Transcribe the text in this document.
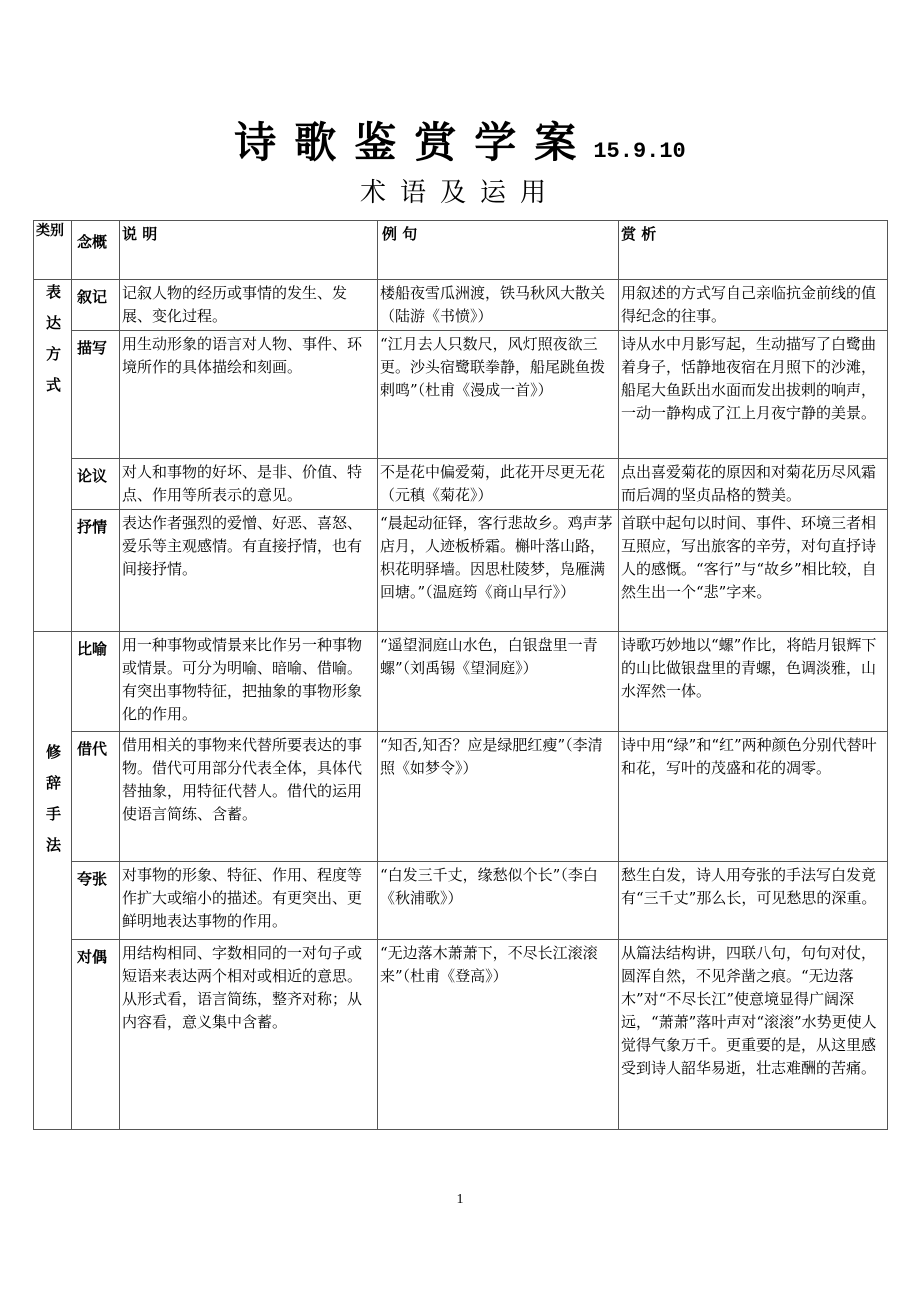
诗歌鉴赏学案 15.9.10
术语及运用
类别	念概	说 明	例 句	赏 析

表达方式	叙记	记叙人物的经历或事情的发生、发展、变化过程。	楼船夜雪瓜洲渡，铁马秋风大散关（陆游《书愤》）	用叙述的方式写自己亲临抗金前线的值得纪念的往事。
	描写	用生动形象的语言对人物、事件、环境所作的具体描绘和刻画。	“江月去人只数尺，风灯照夜欲三更。沙头宿鹭联拳静，船尾跳鱼拨剌鸣”（杜甫《漫成一首》）	诗从水中月影写起，生动描写了白鹭曲着身子，恬静地夜宿在月照下的沙滩，船尾大鱼跃出水面而发出拔剌的响声，一动一静构成了江上月夜宁静的美景。
	论议	对人和事物的好坏、是非、价值、特点、作用等所表示的意见。	不是花中偏爱菊，此花开尽更无花（元稹《菊花》）	点出喜爱菊花的原因和对菊花历尽风霜而后凋的坚贞品格的赞美。
	抒情	表达作者强烈的爱憎、好恶、喜怒、爱乐等主观感情。有直接抒情，也有间接抒情。	“晨起动征铎，客行悲故乡。鸡声茅店月，人迹板桥霜。槲叶落山路，枳花明驿墙。因思杜陵梦，凫雁满回塘。”（温庭筠《商山早行》）	首联中起句以时间、事件、环境三者相互照应，写出旅客的辛劳，对句直抒诗人的感慨。“客行”与“故乡”相比较，自然生出一个“悲”字来。

修辞手法	比喻	用一种事物或情景来比作另一种事物或情景。可分为明喻、暗喻、借喻。有突出事物特征，把抽象的事物形象化的作用。	“遥望洞庭山水色，白银盘里一青螺”（刘禹锡《望洞庭》）	诗歌巧妙地以“螺”作比，将皓月银辉下的山比做银盘里的青螺，色调淡雅，山水浑然一体。
	借代	借用相关的事物来代替所要表达的事物。借代可用部分代表全体，具体代替抽象，用特征代替人。借代的运用使语言简练、含蓄。	“知否,知否？应是绿肥红瘦”（李清照《如梦令》）	诗中用“绿”和“红”两种颜色分别代替叶和花，写叶的茂盛和花的凋零。
	夸张	对事物的形象、特征、作用、程度等作扩大或缩小的描述。有更突出、更鲜明地表达事物的作用。	“白发三千丈，缘愁似个长”（李白《秋浦歌》）	愁生白发，诗人用夸张的手法写白发竟有“三千丈”那么长，可见愁思的深重。
	对偶	用结构相同、字数相同的一对句子或短语来表达两个相对或相近的意思。从形式看，语言简练，整齐对称；从内容看，意义集中含蓄。	“无边落木萧萧下，不尽长江滚滚来”（杜甫《登高》）	从篇法结构讲，四联八句，句句对仗，圆浑自然，不见斧凿之痕。“无边落木”对“不尽长江”使意境显得广阔深远，“萧萧”落叶声对“滚滚”水势更使人觉得气象万千。更重要的是，从这里感受到诗人韶华易逝，壮志难酬的苦痛。
1
